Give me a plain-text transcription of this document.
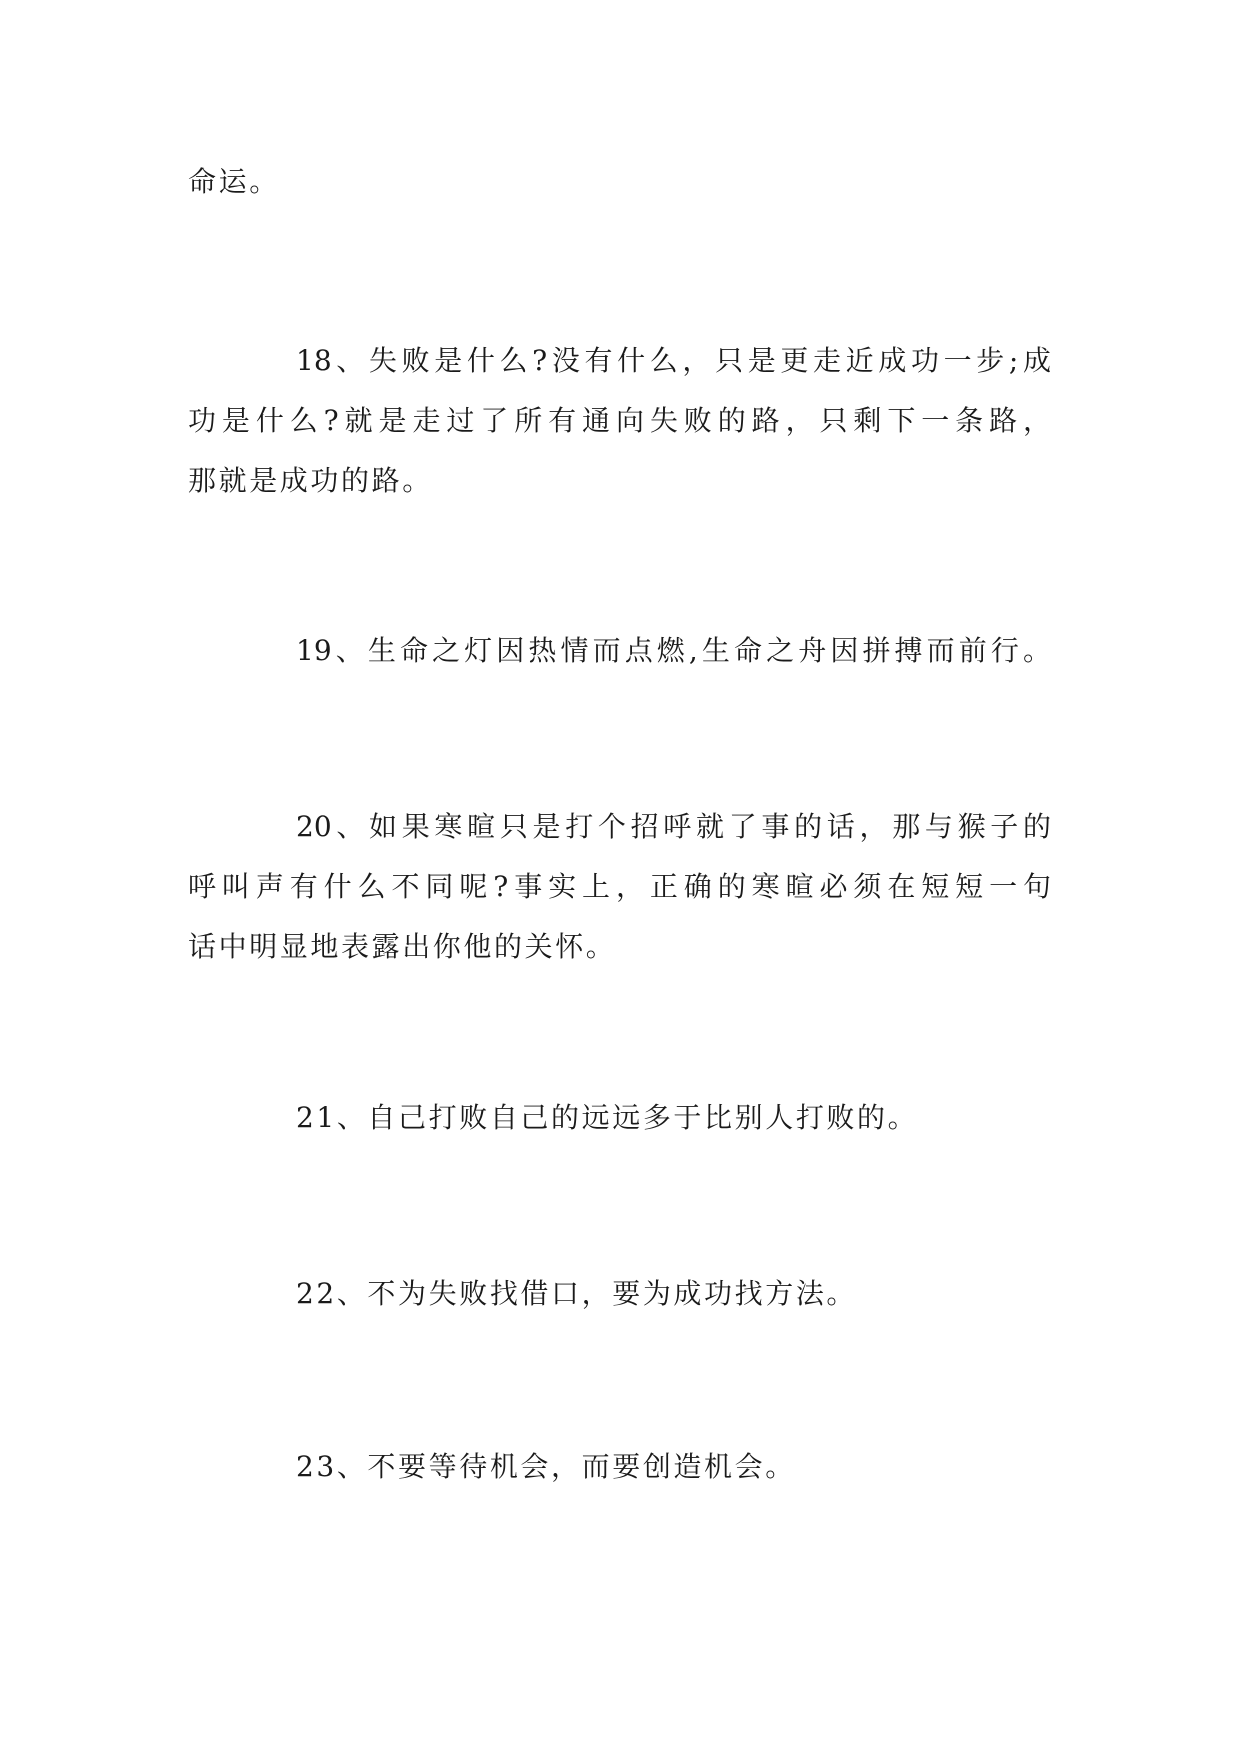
命运。
18、失败是什么?没有什么，只是更走近成功一步;成
功是什么?就是走过了所有通向失败的路，只剩下一条路，
那就是成功的路。
19、生命之灯因热情而点燃,生命之舟因拼搏而前行。
20、如果寒暄只是打个招呼就了事的话，那与猴子的
呼叫声有什么不同呢?事实上，正确的寒暄必须在短短一句
话中明显地表露出你他的关怀。
21、自己打败自己的远远多于比别人打败的。
22、不为失败找借口，要为成功找方法。
23、不要等待机会，而要创造机会。
